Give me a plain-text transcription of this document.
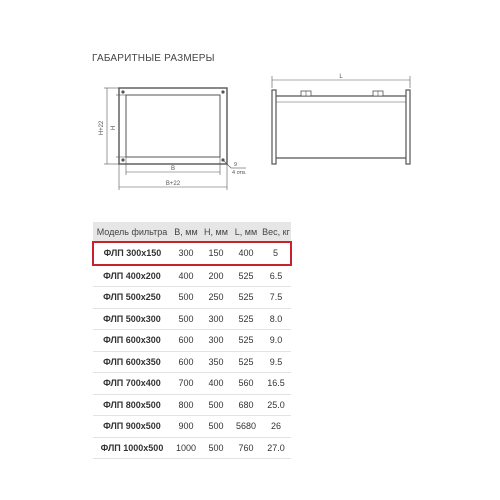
ГАБАРИТНЫЕ РАЗМЕРЫ
H+22 H
B
B+22
9
4 отв.
L
Модель фильтра	B, мм	H, мм	L, мм	Вес, кг
ФЛП 300x150	300	150	400	5
ФЛП 400x200	400	200	525	6.5
ФЛП 500x250	500	250	525	7.5
ФЛП 500x300	500	300	525	8.0
ФЛП 600x300	600	300	525	9.0
ФЛП 600x350	600	350	525	9.5
ФЛП 700x400	700	400	560	16.5
ФЛП 800x500	800	500	680	25.0
ФЛП 900x500	900	500	5680	26
ФЛП 1000x500	1000	500	760	27.0
